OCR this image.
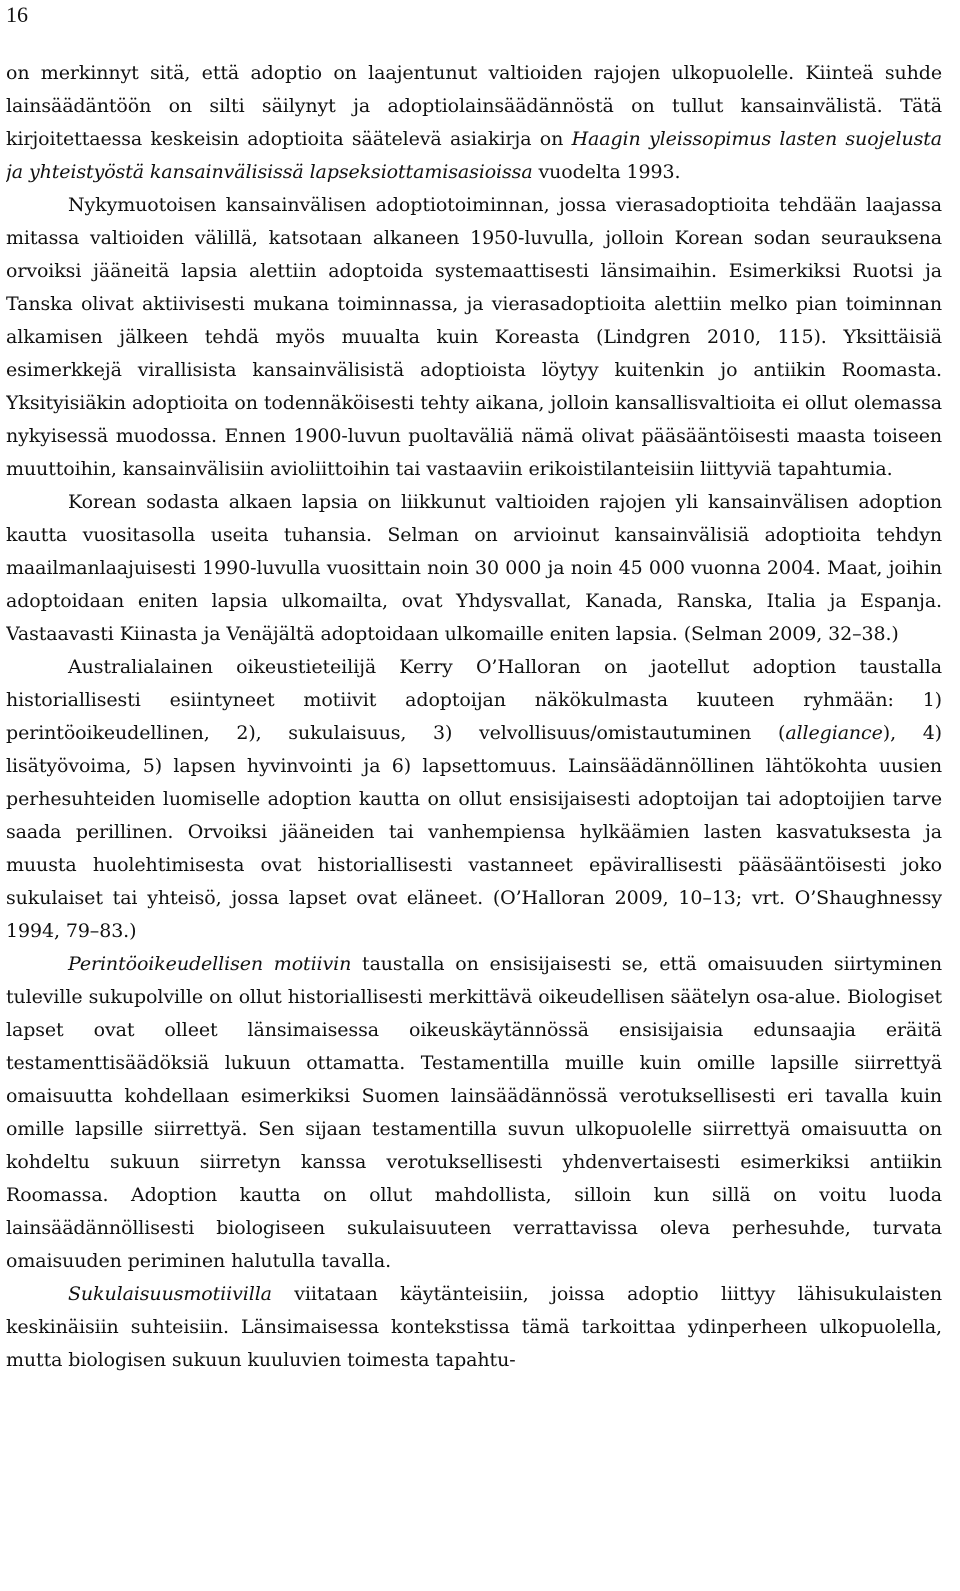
16

on merkinnyt sitä, että adoptio on laajentunut valtioiden rajojen ulkopuolelle. Kiinteä suhde lainsäädäntöön on silti säilynyt ja adoptiolainsäädännöstä on tullut kansainvälistä. Tätä kirjoitettaessa keskeisin adoptioita säätelevä asiakirja on Haagin yleissopimus lasten suojelusta ja yhteistyöstä kansainvälisissä lapseksiottamisasioissa vuodelta 1993.

Nykymuotoisen kansainvälisen adoptiotoiminnan, jossa vierasadoptioita tehdään laajassa mitassa valtioiden välillä, katsotaan alkaneen 1950-luvulla, jolloin Korean sodan seurauksena orvoiksi jääneitä lapsia alettiin adoptoida systemaattisesti länsimaihin. Esimerkiksi Ruotsi ja Tanska olivat aktiivisesti mukana toiminnassa, ja vierasadoptioita alettiin melko pian toiminnan alkamisen jälkeen tehdä myös muualta kuin Koreasta (Lindgren 2010, 115). Yksittäisiä esimerkkejä virallisista kansainvälisistä adoptioista löytyy kuitenkin jo antiikin Roomasta. Yksityisiäkin adoptioita on todennäköisesti tehty aikana, jolloin kansallisvaltioita ei ollut olemassa nykyisessä muodossa. Ennen 1900-luvun puoltaväliä nämä olivat pääsääntöisesti maasta toiseen muuttoihin, kansainvälisiin avioliittoihin tai vastaaviin erikoistilanteisiin liittyviä tapahtumia.

Korean sodasta alkaen lapsia on liikkunut valtioiden rajojen yli kansainvälisen adoption kautta vuositasolla useita tuhansia. Selman on arvioinut kansainvälisiä adoptioita tehdyn maailmanlaajuisesti 1990-luvulla vuosittain noin 30 000 ja noin 45 000 vuonna 2004. Maat, joihin adoptoidaan eniten lapsia ulkomailta, ovat Yhdysvallat, Kanada, Ranska, Italia ja Espanja. Vastaavasti Kiinasta ja Venäjältä adoptoidaan ulkomaille eniten lapsia. (Selman 2009, 32–38.)

Australialainen oikeustieteilijä Kerry O’Halloran on jaotellut adoption taustalla historiallisesti esiintyneet motiivit adoptoijan näkökulmasta kuuteen ryhmään: 1) perintöoikeudellinen, 2), sukulaisuus, 3) velvollisuus/omistautuminen (allegiance), 4) lisätyövoima, 5) lapsen hyvinvointi ja 6) lapsettomuus. Lainsäädännöllinen lähtökohta uusien perhesuhteiden luomiselle adoption kautta on ollut ensisijaisesti adoptoijan tai adoptoijien tarve saada perillinen. Orvoiksi jääneiden tai vanhempiensa hylkäämien lasten kasvatuksesta ja muusta huolehtimisesta ovat historiallisesti vastanneet epävirallisesti pääsääntöisesti joko sukulaiset tai yhteisö, jossa lapset ovat eläneet. (O’Halloran 2009, 10–13; vrt. O’Shaughnessy 1994, 79–83.)

Perintöoikeudellisen motiivin taustalla on ensisijaisesti se, että omaisuuden siirtyminen tuleville sukupolville on ollut historiallisesti merkittävä oikeudellisen säätelyn osa-alue. Biologiset lapset ovat olleet länsimaisessa oikeuskäytännössä ensisijaisia edunsaajia eräitä testamenttisäädöksiä lukuun ottamatta. Testamentilla muille kuin omille lapsille siirrettyä omaisuutta kohdellaan esimerkiksi Suomen lainsäädännössä verotuksellisesti eri tavalla kuin omille lapsille siirrettyä. Sen sijaan testamentilla suvun ulkopuolelle siirrettyä omaisuutta on kohdeltu sukuun siirretyn kanssa verotuksellisesti yhdenvertaisesti esimerkiksi antiikin Roomassa. Adoption kautta on ollut mahdollista, silloin kun sillä on voitu luoda lainsäädännöllisesti biologiseen sukulaisuuteen verrattavissa oleva perhesuhde, turvata omaisuuden periminen halutulla tavalla.

Sukulaisuusmotiivilla viitataan käytänteisiin, joissa adoptio liittyy lähisukulaisten keskinäisiin suhteisiin. Länsimaisessa kontekstissa tämä tarkoittaa ydinperheen ulkopuolella, mutta biologisen sukuun kuuluvien toimesta tapahtu-
